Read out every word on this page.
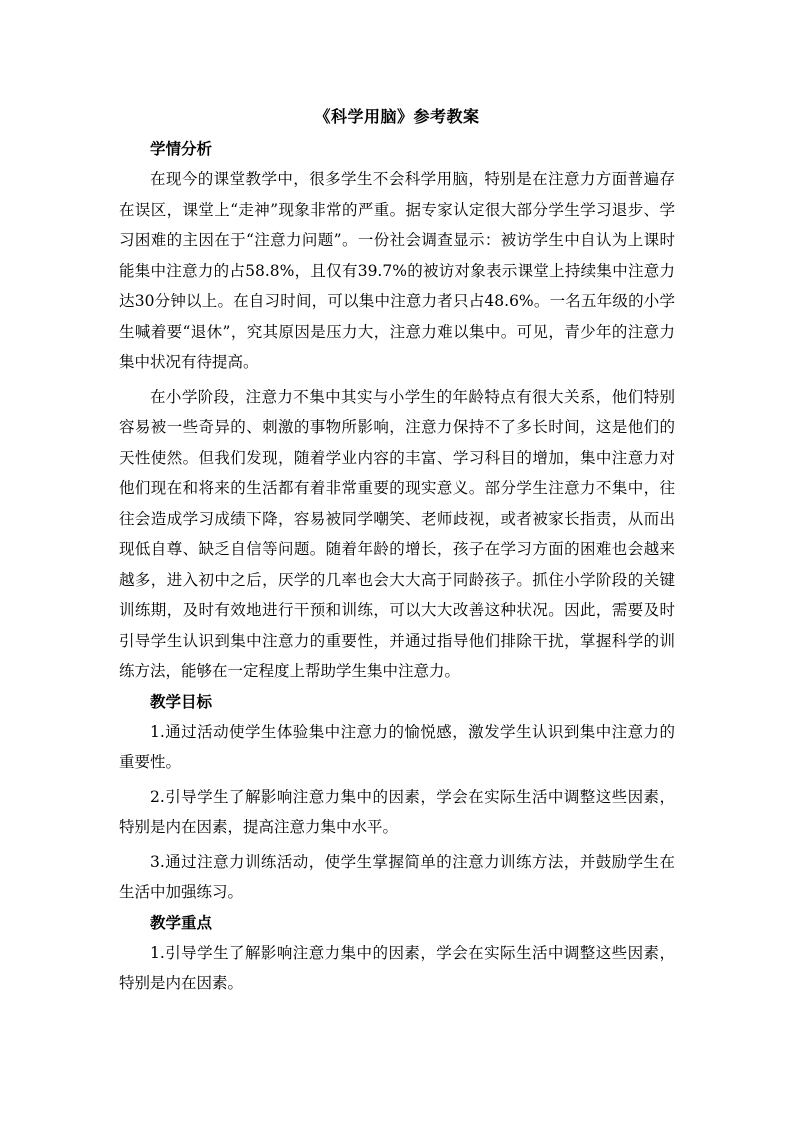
《科学用脑》参考教案
学情分析

在现今的课堂教学中，很多学生不会科学用脑，特别是在注意力方面普遍存在误区，课堂上“走神”现象非常的严重。据专家认定很大部分学生学习退步、学习困难的主因在于“注意力问题”。一份社会调查显示：被访学生中自认为上课时能集中注意力的占58.8%，且仅有39.7%的被访对象表示课堂上持续集中注意力达30分钟以上。在自习时间，可以集中注意力者只占48.6%。一名五年级的小学生喊着要“退休”，究其原因是压力大，注意力难以集中。可见，青少年的注意力集中状况有待提高。

在小学阶段，注意力不集中其实与小学生的年龄特点有很大关系，他们特别容易被一些奇异的、刺激的事物所影响，注意力保持不了多长时间，这是他们的天性使然。但我们发现，随着学业内容的丰富、学习科目的增加，集中注意力对他们现在和将来的生活都有着非常重要的现实意义。部分学生注意力不集中，往往会造成学习成绩下降，容易被同学嘲笑、老师歧视，或者被家长指责，从而出现低自尊、缺乏自信等问题。随着年龄的增长，孩子在学习方面的困难也会越来越多，进入初中之后，厌学的几率也会大大高于同龄孩子。抓住小学阶段的关键训练期，及时有效地进行干预和训练，可以大大改善这种状况。因此，需要及时引导学生认识到集中注意力的重要性，并通过指导他们排除干扰，掌握科学的训练方法，能够在一定程度上帮助学生集中注意力。

教学目标

1.通过活动使学生体验集中注意力的愉悦感，激发学生认识到集中注意力的重要性。

2.引导学生了解影响注意力集中的因素，学会在实际生活中调整这些因素，特别是内在因素，提高注意力集中水平。

3.通过注意力训练活动，使学生掌握简单的注意力训练方法，并鼓励学生在生活中加强练习。

教学重点

1.引导学生了解影响注意力集中的因素，学会在实际生活中调整这些因素，特别是内在因素。
